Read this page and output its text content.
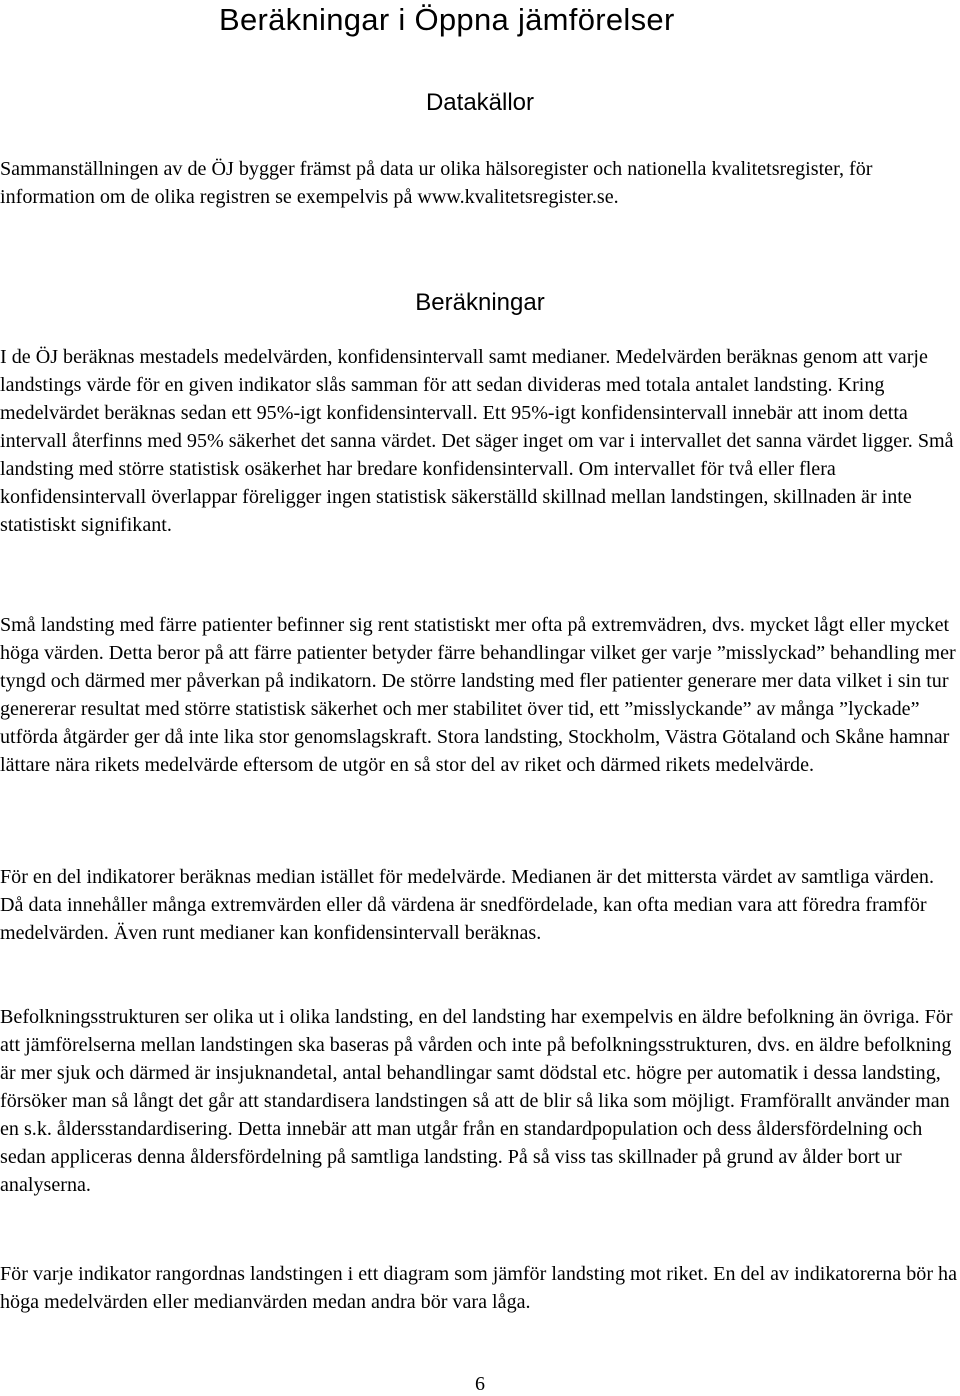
Beräkningar i Öppna jämförelser
Datakällor

Sammanställningen av de ÖJ bygger främst på data ur olika hälsoregister och nationella kvalitetsregister, för information om de olika registren se exempelvis på www.kvalitetsregister.se.

Beräkningar

I de ÖJ beräknas mestadels medelvärden, konfidensintervall samt medianer. Medelvärden beräknas genom att varje landstings värde för en given indikator slås samman för att sedan divideras med totala antalet landsting. Kring medelvärdet beräknas sedan ett 95%-igt konfidensintervall. Ett 95%-igt konfidensintervall innebär att inom detta intervall återfinns med 95% säkerhet det sanna värdet. Det säger inget om var i intervallet det sanna värdet ligger. Små landsting med större statistisk osäkerhet har bredare konfidensintervall. Om intervallet för två eller flera konfidensintervall överlappar föreligger ingen statistisk säkerställd skillnad mellan landstingen, skillnaden är inte statistiskt signifikant.

Små landsting med färre patienter befinner sig rent statistiskt mer ofta på extremvädren, dvs. mycket lågt eller mycket höga värden. Detta beror på att färre patienter betyder färre behandlingar vilket ger varje ”misslyckad” behandling mer tyngd och därmed mer påverkan på indikatorn. De större landsting med fler patienter generare mer data vilket i sin tur genererar resultat med större statistisk säkerhet och mer stabilitet över tid, ett ”misslyckande” av många ”lyckade” utförda åtgärder ger då inte lika stor genomslagskraft. Stora landsting, Stockholm, Västra Götaland och Skåne hamnar lättare nära rikets medelvärde eftersom de utgör en så stor del av riket och därmed rikets medelvärde.

För en del indikatorer beräknas median istället för medelvärde. Medianen är det mittersta värdet av samtliga värden. Då data innehåller många extremvärden eller då värdena är snedfördelade, kan ofta median vara att föredra framför medelvärden. Även runt medianer kan konfidensintervall beräknas.

Befolkningsstrukturen ser olika ut i olika landsting, en del landsting har exempelvis en äldre befolkning än övriga. För att jämförelserna mellan landstingen ska baseras på vården och inte på befolkningsstrukturen, dvs. en äldre befolkning är mer sjuk och därmed är insjuknandetal, antal behandlingar samt dödstal etc. högre per automatik i dessa landsting, försöker man så långt det går att standardisera landstingen så att de blir så lika som möjligt. Framförallt använder man en s.k. åldersstandardisering. Detta innebär att man utgår från en standardpopulation och dess åldersfördelning och sedan appliceras denna åldersfördelning på samtliga landsting. På så viss tas skillnader på grund av ålder bort ur analyserna.

För varje indikator rangordnas landstingen i ett diagram som jämför landsting mot riket. En del av indikatorerna bör ha höga medelvärden eller medianvärden medan andra bör vara låga.

6
